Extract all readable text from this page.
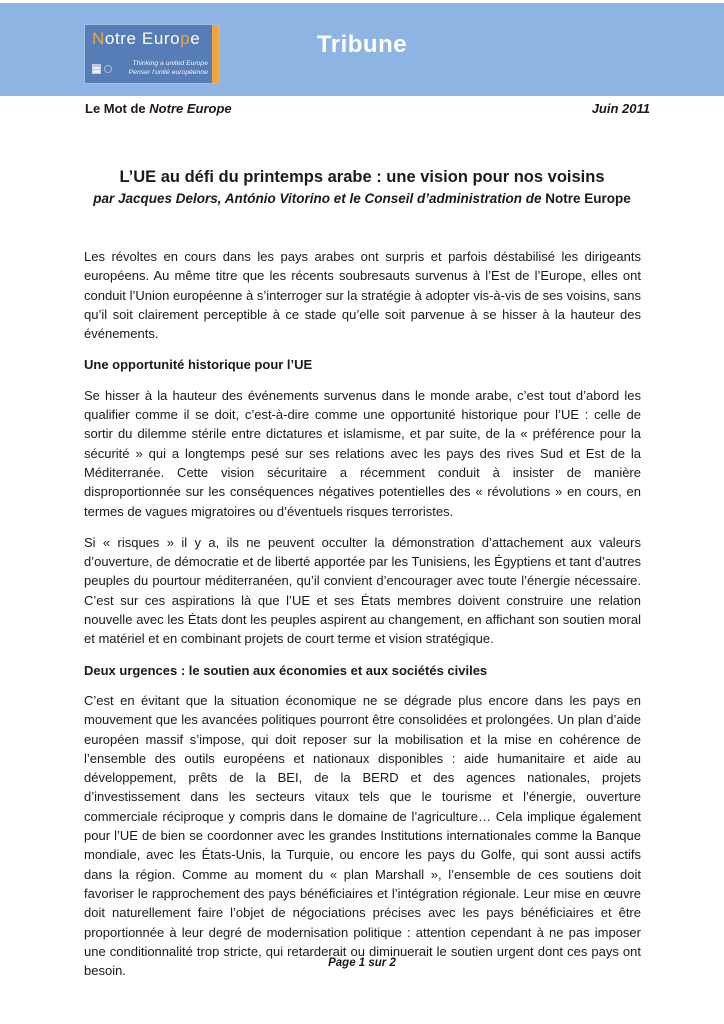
Notre Europe
Thinking a united Europe
Penser l’unité européenne
Tribune
Le Mot de Notre Europe	Juin 2011
L’UE au défi du printemps arabe : une vision pour nos voisins
par Jacques Delors, António Vitorino et le Conseil d’administration de Notre Europe

Les révoltes en cours dans les pays arabes ont surpris et parfois déstabilisé les dirigeants européens. Au même titre que les récents soubresauts survenus à l’Est de l’Europe, elles ont conduit l’Union européenne à s’interroger sur la stratégie à adopter vis-à-vis de ses voisins, sans qu’il soit clairement perceptible à ce stade qu’elle soit parvenue à se hisser à la hauteur des événements.

Une opportunité historique pour l’UE

Se hisser à la hauteur des événements survenus dans le monde arabe, c’est tout d’abord les qualifier comme il se doit, c’est-à-dire comme une opportunité historique pour l’UE : celle de sortir du dilemme stérile entre dictatures et islamisme, et par suite, de la « préférence pour la sécurité » qui a longtemps pesé sur ses relations avec les pays des rives Sud et Est de la Méditerranée. Cette vision sécuritaire a récemment conduit à insister de manière disproportionnée sur les conséquences négatives potentielles des « révolutions » en cours, en termes de vagues migratoires ou d’éventuels risques terroristes.

Si « risques » il y a, ils ne peuvent occulter la démonstration d’attachement aux valeurs d’ouverture, de démocratie et de liberté apportée par les Tunisiens, les Égyptiens et tant d’autres peuples du pourtour méditerranéen, qu’il convient d’encourager avec toute l’énergie nécessaire. C’est sur ces aspirations là que l’UE et ses États membres doivent construire une relation nouvelle avec les États dont les peuples aspirent au changement, en affichant son soutien moral et matériel et en combinant projets de court terme et vision stratégique.

Deux urgences : le soutien aux économies et aux sociétés civiles

C’est en évitant que la situation économique ne se dégrade plus encore dans les pays en mouvement que les avancées politiques pourront être consolidées et prolongées. Un plan d’aide européen massif s’impose, qui doit reposer sur la mobilisation et la mise en cohérence de l’ensemble des outils européens et nationaux disponibles : aide humanitaire et aide au développement, prêts de la BEI, de la BERD et des agences nationales, projets d’investissement dans les secteurs vitaux tels que le tourisme et l’énergie, ouverture commerciale réciproque y compris dans le domaine de l’agriculture… Cela implique également pour l’UE de bien se coordonner avec les grandes Institutions internationales comme la Banque mondiale, avec les États-Unis, la Turquie, ou encore les pays du Golfe, qui sont aussi actifs dans la région. Comme au moment du « plan Marshall », l’ensemble de ces soutiens doit favoriser le rapprochement des pays bénéficiaires et l’intégration régionale. Leur mise en œuvre doit naturellement faire l’objet de négociations précises avec les pays bénéficiaires et être proportionnée à leur degré de modernisation politique : attention cependant à ne pas imposer une conditionnalité trop stricte, qui retarderait ou diminuerait le soutien urgent dont ces pays ont besoin.

Page 1 sur 2
